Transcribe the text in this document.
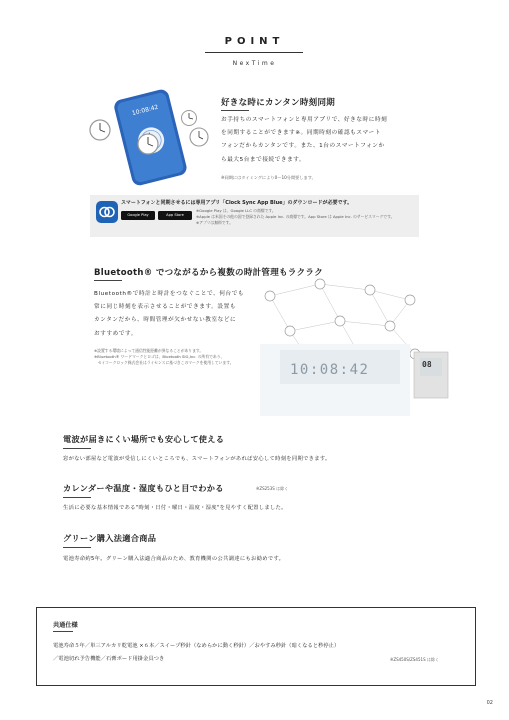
POINT
NexTime
10:08:42
好きな時にカンタン時刻同期
お手持ちのスマートフォンと専用アプリで、好きな時に時刻
を同期することができます※。同期時刻の確認もスマート
フォンだからカンタンです。また、1台のスマートフォンか
ら最大5台まで接続できます。
※同期にはタイミングにより0〜10分間要します。
スマートフォンと同期させるには専用アプリ「Clock Sync App Blue」のダウンロードが必要です。
Google Play	App Store
※Google Play は、Google LLC の商標です。
※Apple は米国その他の国で登録された Apple Inc. の商標です。App Store は Apple Inc. のサービスマークです。
※アプリは無料です。
Bluetooth® でつながるから複数の時計管理もラクラク
Bluetooth®で時計と時計をつなぐことで、何台でも
常に同じ時刻を表示させることができます。設置も
カンタンだから、時間管理が欠かせない教室などに
おすすめです。
※設置する環境によって通信性能距離が異なることがあります。
※Bluetooth® ワードマークとロゴは、Bluetooth SIG,Inc. の所有であり、
　セイコークロック株式会社はライセンスに基づきこのマークを使用しています。	10:08:42	08
電波が届きにくい場所でも安心して使える
窓がない部屋など電波が受信しにくいところでも、スマートフォンがあれば安心して時刻を同期できます。
カレンダーや温度・湿度もひと目でわかる	※ZS253S は除く
生活に必要な基本情報である"時刻・日付・曜日・温度・湿度"を見やすく配置しました。
グリーン購入法適合商品
電池寿命約5年。グリーン購入法適合商品のため、教育機関の公共調達にもお勧めです。
共通仕様
電池寿命５年／単三アルカリ乾電池 ×６本／スイープ秒針（なめらかに動く秒針）／おやすみ秒針（暗くなると秒停止）
／電池切れ予告機能／石膏ボード用掛金具つき	※ZS450S/ZS451S は除く
02
